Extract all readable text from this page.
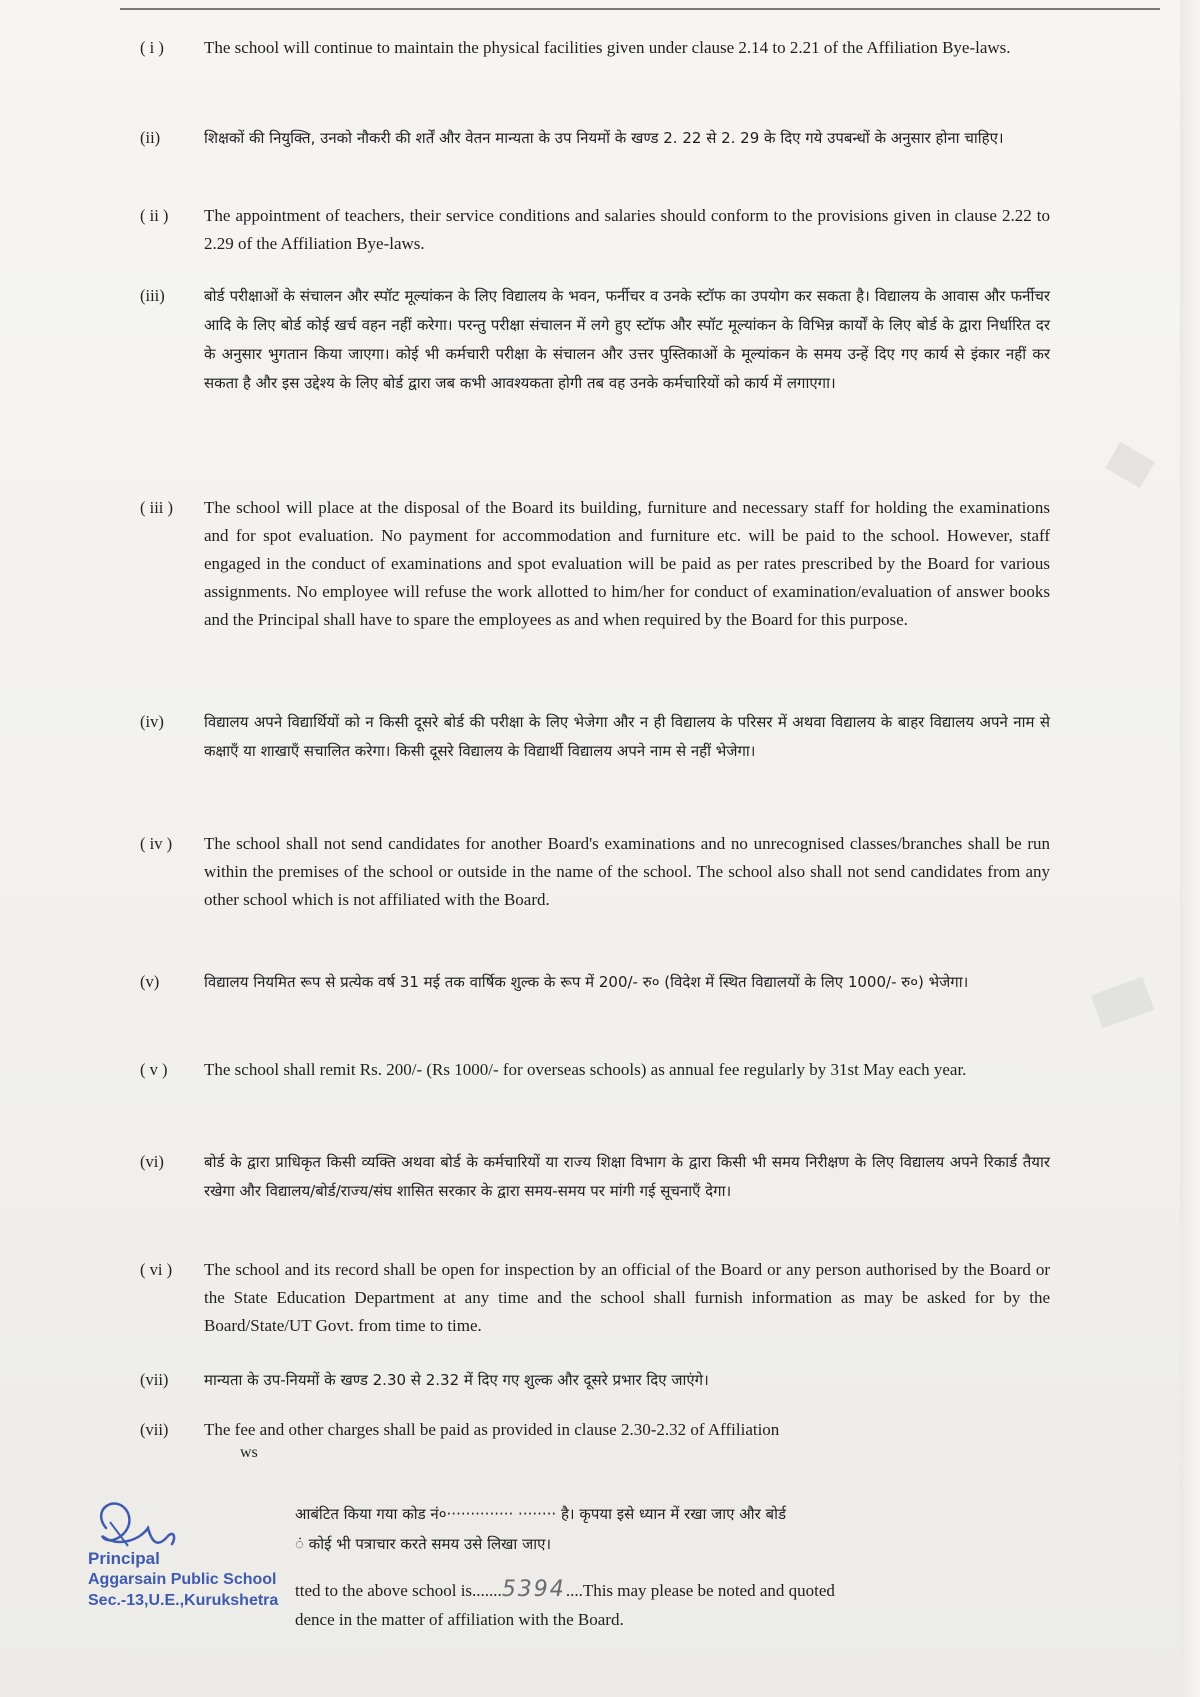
( i )	The school will continue to maintain the physical facilities given under clause 2.14 to 2.21 of the Affiliation Bye-laws.
(ii)	शिक्षकों की नियुक्ति, उनको नौकरी की शर्तें और वेतन मान्यता के उप नियमों के खण्ड 2. 22 से 2. 29 के दिए गये उपबन्धों के अनुसार होना चाहिए।
( ii )	The appointment of teachers, their service conditions and salaries should conform to the provisions given in clause 2.22 to 2.29 of the Affiliation Bye-laws.
(iii)	बोर्ड परीक्षाओं के संचालन और स्पॉट मूल्यांकन के लिए विद्यालय के भवन, फर्नीचर व उनके स्टॉफ का उपयोग कर सकता है। विद्यालय के आवास और फर्नीचर आदि के लिए बोर्ड कोई खर्च वहन नहीं करेगा। परन्तु परीक्षा संचालन में लगे हुए स्टॉफ और स्पॉट मूल्यांकन के विभिन्न कार्यों के लिए बोर्ड के द्वारा निर्धारित दर के अनुसार भुगतान किया जाएगा। कोई भी कर्मचारी परीक्षा के संचालन और उत्तर पुस्तिकाओं के मूल्यांकन के समय उन्हें दिए गए कार्य से इंकार नहीं कर सकता है और इस उद्देश्य के लिए बोर्ड द्वारा जब कभी आवश्यकता होगी तब वह उनके कर्मचारियों को कार्य में लगाएगा।
( iii )	The school will place at the disposal of the Board its building, furniture and necessary staff for holding the examinations and for spot evaluation. No payment for accommodation and furniture etc. will be paid to the school. However, staff engaged in the conduct of examinations and spot evaluation will be paid as per rates prescribed by the Board for various assignments. No employee will refuse the work allotted to him/her for conduct of examination/evaluation of answer books and the Principal shall have to spare the employees as and when required by the Board for this purpose.
(iv)	विद्यालय अपने विद्यार्थियों को न किसी दूसरे बोर्ड की परीक्षा के लिए भेजेगा और न ही विद्यालय के परिसर में अथवा विद्यालय के बाहर विद्यालय अपने नाम से कक्षाएँ या शाखाएँ सचालित करेगा। किसी दूसरे विद्यालय के विद्यार्थी विद्यालय अपने नाम से नहीं भेजेगा।
( iv )	The school shall not send candidates for another Board's examinations and no unrecognised classes/branches shall be run within the premises of the school or outside in the name of the school. The school also shall not send candidates from any other school which is not affiliated with the Board.
(v)	विद्यालय नियमित रूप से प्रत्येक वर्ष 31 मई तक वार्षिक शुल्क के रूप में 200/- रु० (विदेश में स्थित विद्यालयों के लिए 1000/- रु०) भेजेगा।
( v )	The school shall remit Rs. 200/- (Rs 1000/- for overseas schools) as annual fee regularly by 31st May each year.
(vi)	बोर्ड के द्वारा प्राधिकृत किसी व्यक्ति अथवा बोर्ड के कर्मचारियों या राज्य शिक्षा विभाग के द्वारा किसी भी समय निरीक्षण के लिए विद्यालय अपने रिकार्ड तैयार रखेगा और विद्यालय/बोर्ड/राज्य/संघ शासित सरकार के द्वारा समय-समय पर मांगी गई सूचनाएँ देगा।
( vi )	The school and its record shall be open for inspection by an official of the Board or any person authorised by the Board or the State Education Department at any time and the school shall furnish information as may be asked for by the Board/State/UT Govt. from time to time.
(vii)	मान्यता के उप-नियमों के खण्ड 2.30 से 2.32 में दिए गए शुल्क और दूसरे प्रभार दिए जाएंगे।
(vii)	The fee and other charges shall be paid as provided in clause 2.30-2.32 of Affiliation
ws
Principal
Aggarsain Public School
Sec.-13,U.E.,Kurukshetra
आबंटित किया गया कोड नं०·············· ········ है। कृपया इसे ध्यान में रखा जाए और बोर्ड
ं कोई भी पत्राचार करते समय उसे लिखा जाए।
tted to the above school is.......5394....This may please be noted and quoted
dence in the matter of affiliation with the Board.
